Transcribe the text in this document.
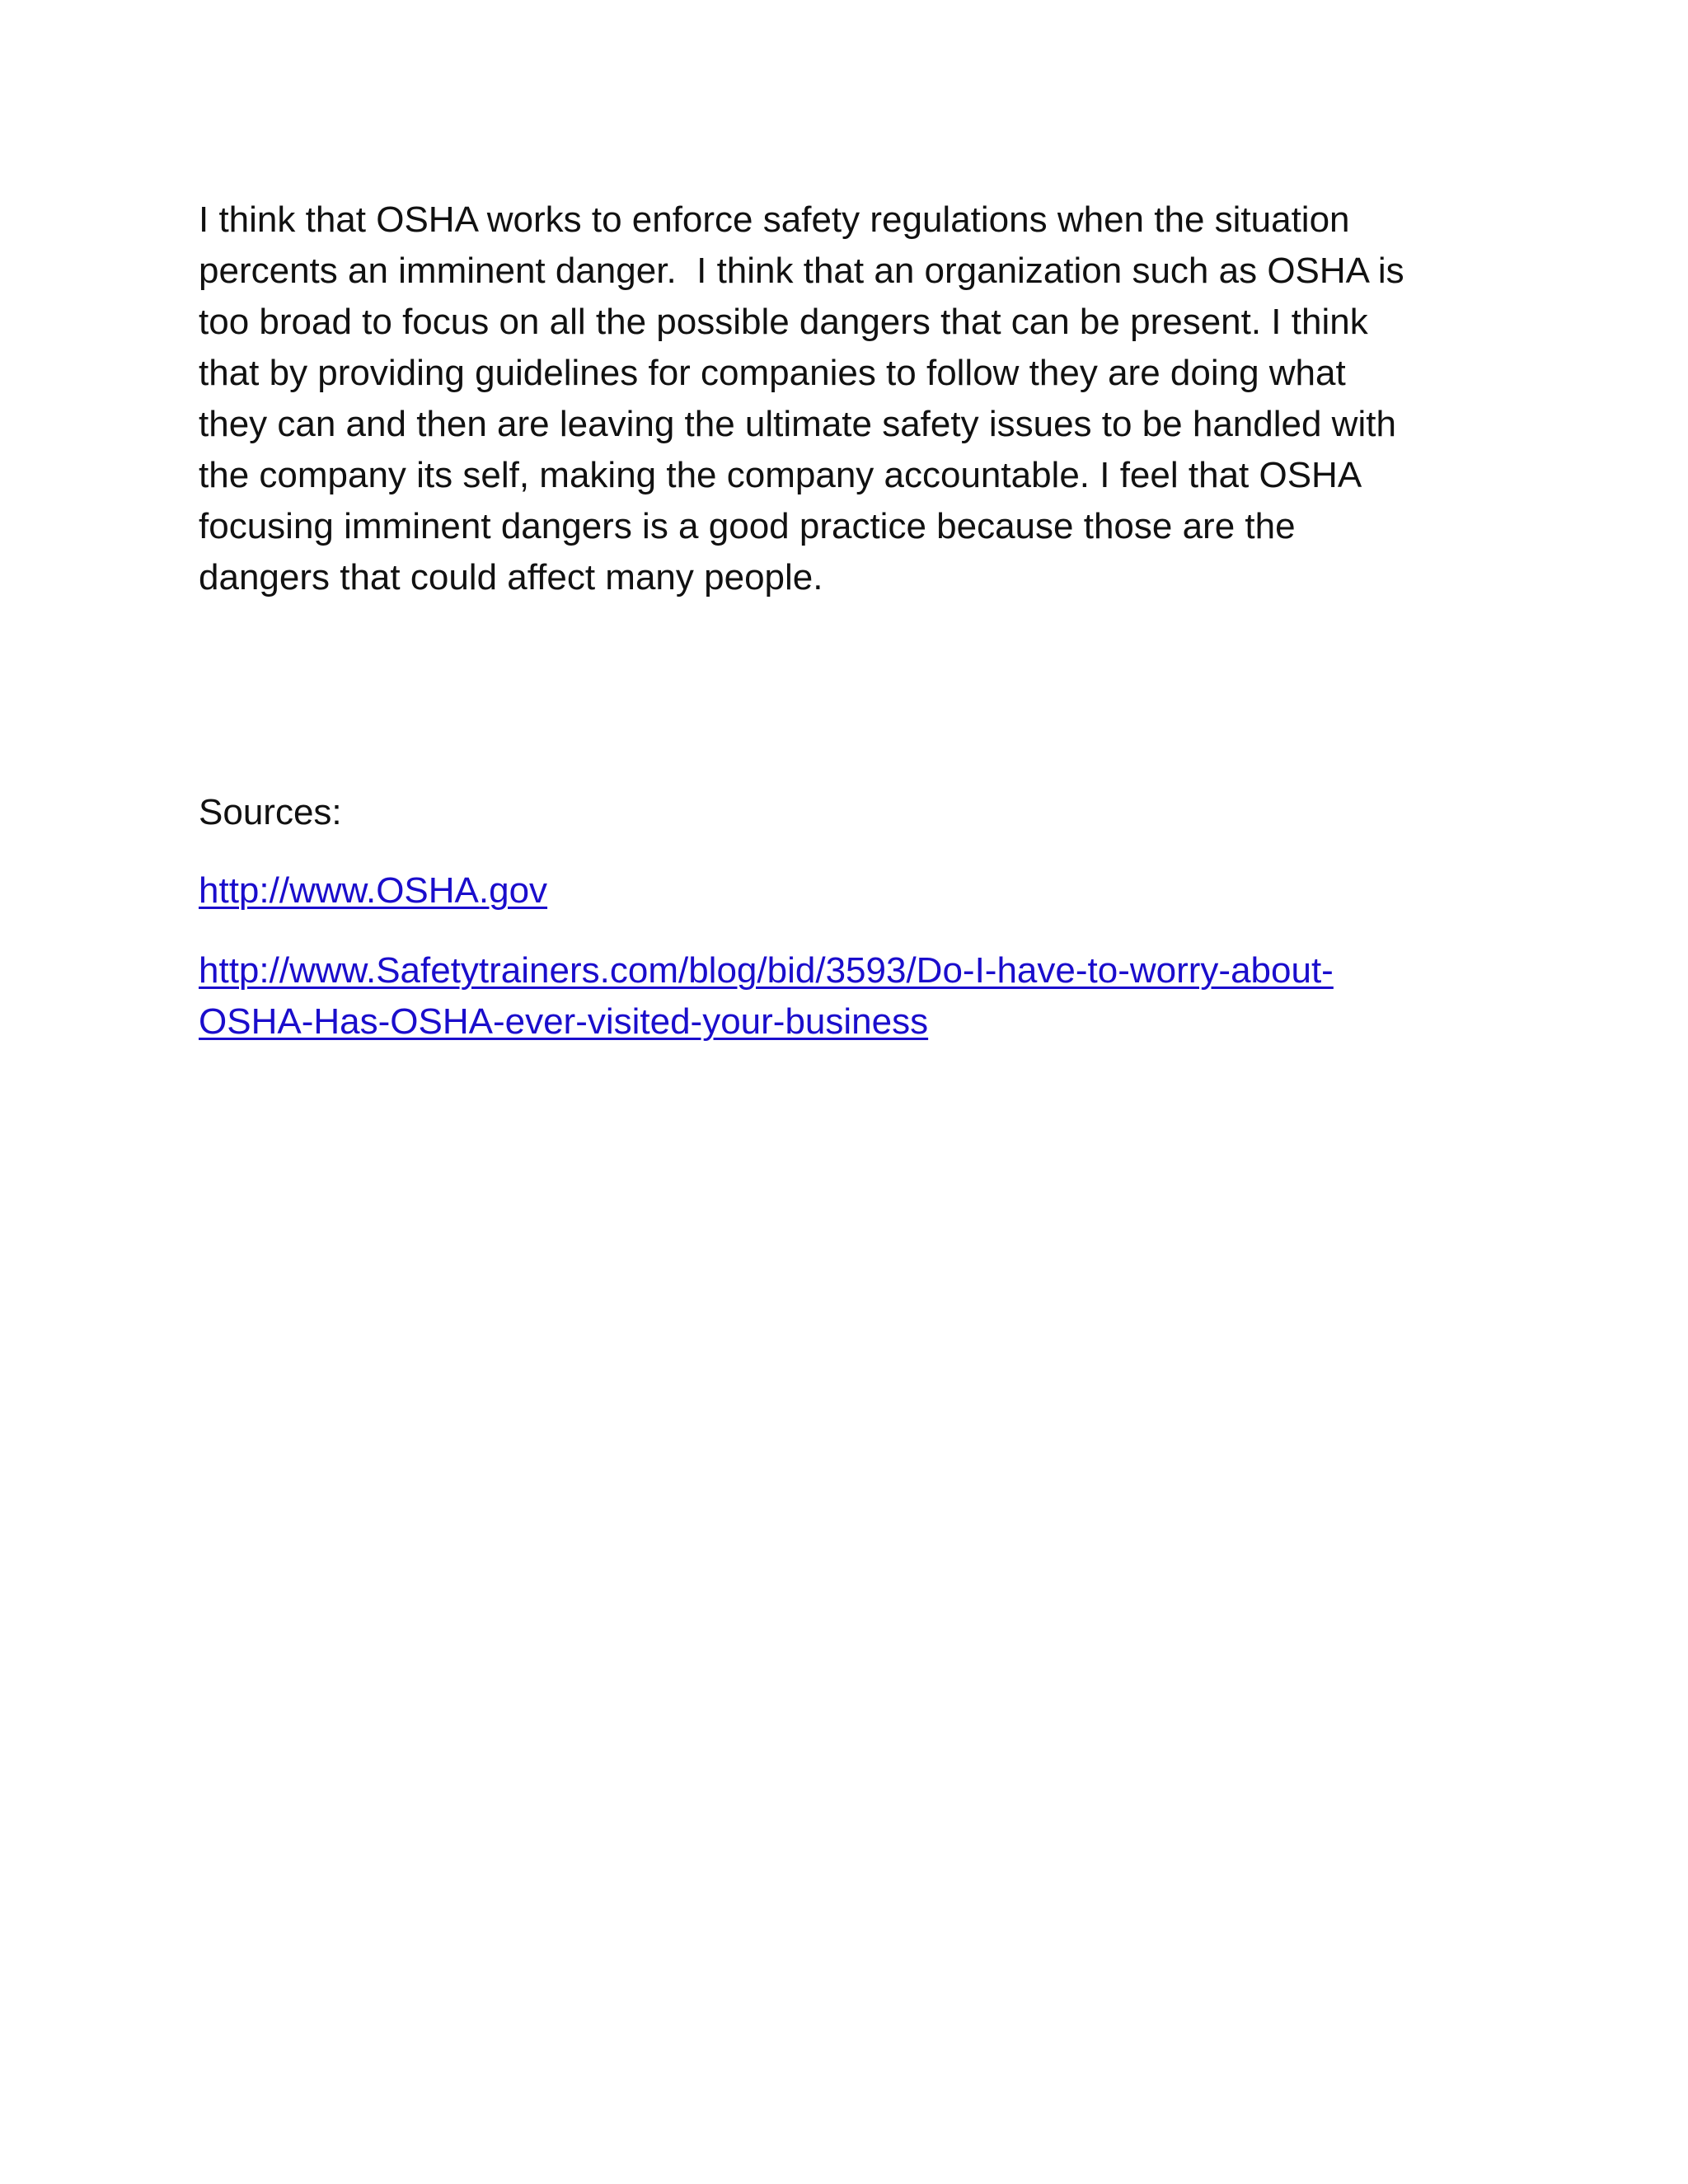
I think that OSHA works to enforce safety regulations when the situation
percents an imminent danger.  I think that an organization such as OSHA is
too broad to focus on all the possible dangers that can be present. I think
that by providing guidelines for companies to follow they are doing what
they can and then are leaving the ultimate safety issues to be handled with
the company its self, making the company accountable. I feel that OSHA
focusing imminent dangers is a good practice because those are the
dangers that could affect many people.

Sources:

http://www.OSHA.gov
http://www.Safetytrainers.com/blog/bid/3593/Do-I-have-to-worry-about-
OSHA-Has-OSHA-ever-visited-your-business
